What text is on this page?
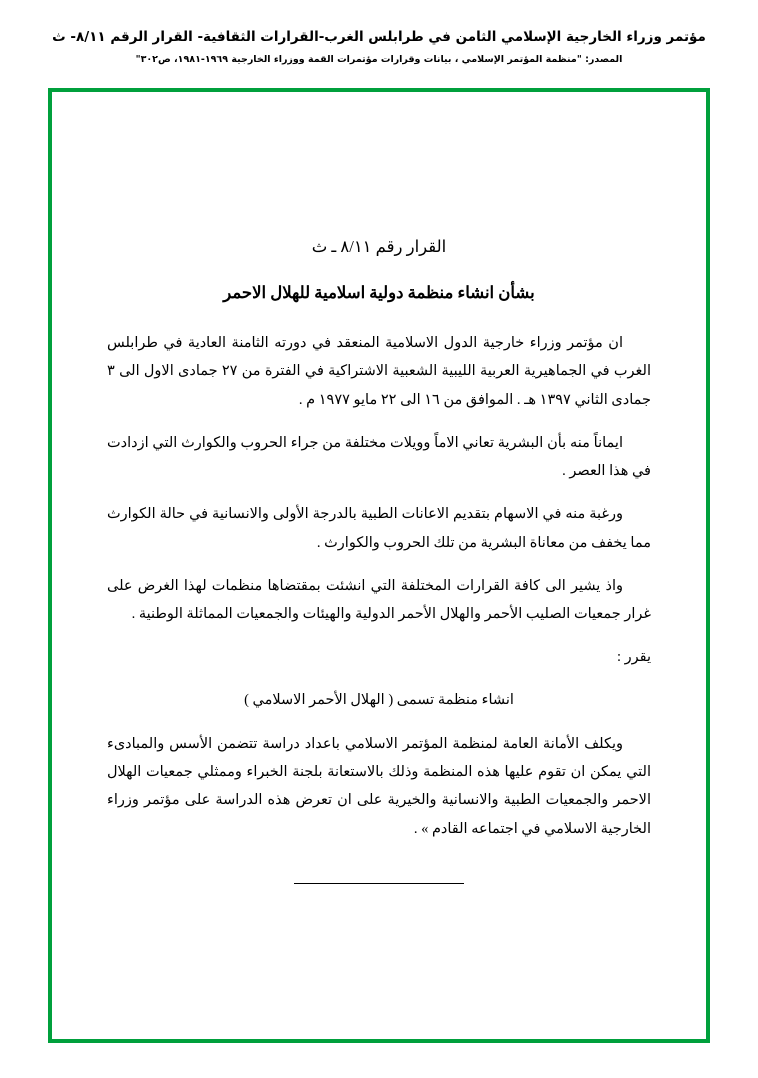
مؤتمر وزراء الخارجية الإسلامي الثامن في طرابلس الغرب-القرارات الثقافية- القرار الرقم ٨/١١- ث
المصدر: "منظمة المؤتمر الإسلامي ، بيانات وقرارات مؤتمرات القمة ووزراء الخارجية ١٩٦٩-١٩٨١، ص٣٠٢"
القرار رقم ٨/١١ ـ ث
بشأن انشاء منظمة دولية اسلامية للهلال الاحمر

ان مؤتمر وزراء خارجية الدول الاسلامية المنعقد في دورته الثامنة العادية في طرابلس الغرب في الجماهيرية العربية الليبية الشعبية الاشتراكية في الفترة من ٢٧ جمادى الاول الى ٣ جمادى الثاني ١٣٩٧ هـ . الموافق من ١٦ الى ٢٢ مايو ١٩٧٧ م .

ايماناً منه بأن البشرية تعاني الاماً وويلات مختلفة من جراء الحروب والكوارث التي ازدادت في هذا العصر .

ورغبة منه في الاسهام بتقديم الاعانات الطبية بالدرجة الأولى والانسانية في حالة الكوارث مما يخفف من معاناة البشرية من تلك الحروب والكوارث .

واذ يشير الى كافة القرارات المختلفة التي انشئت بمقتضاها منظمات لهذا الغرض على غرار جمعيات الصليب الأحمر والهلال الأحمر الدولية والهيئات والجمعيات المماثلة الوطنية .

يقرر :

انشاء منظمة تسمى ( الهلال الأحمر الاسلامي )

ويكلف الأمانة العامة لمنظمة المؤتمر الاسلامي باعداد دراسة تتضمن الأسس والمبادىء التي يمكن ان تقوم عليها هذه المنظمة وذلك بالاستعانة بلجنة الخبراء وممثلي جمعيات الهلال الاحمر والجمعيات الطبية والانسانية والخيرية على ان تعرض هذه الدراسة على مؤتمر وزراء الخارجية الاسلامي في اجتماعه القادم » .
